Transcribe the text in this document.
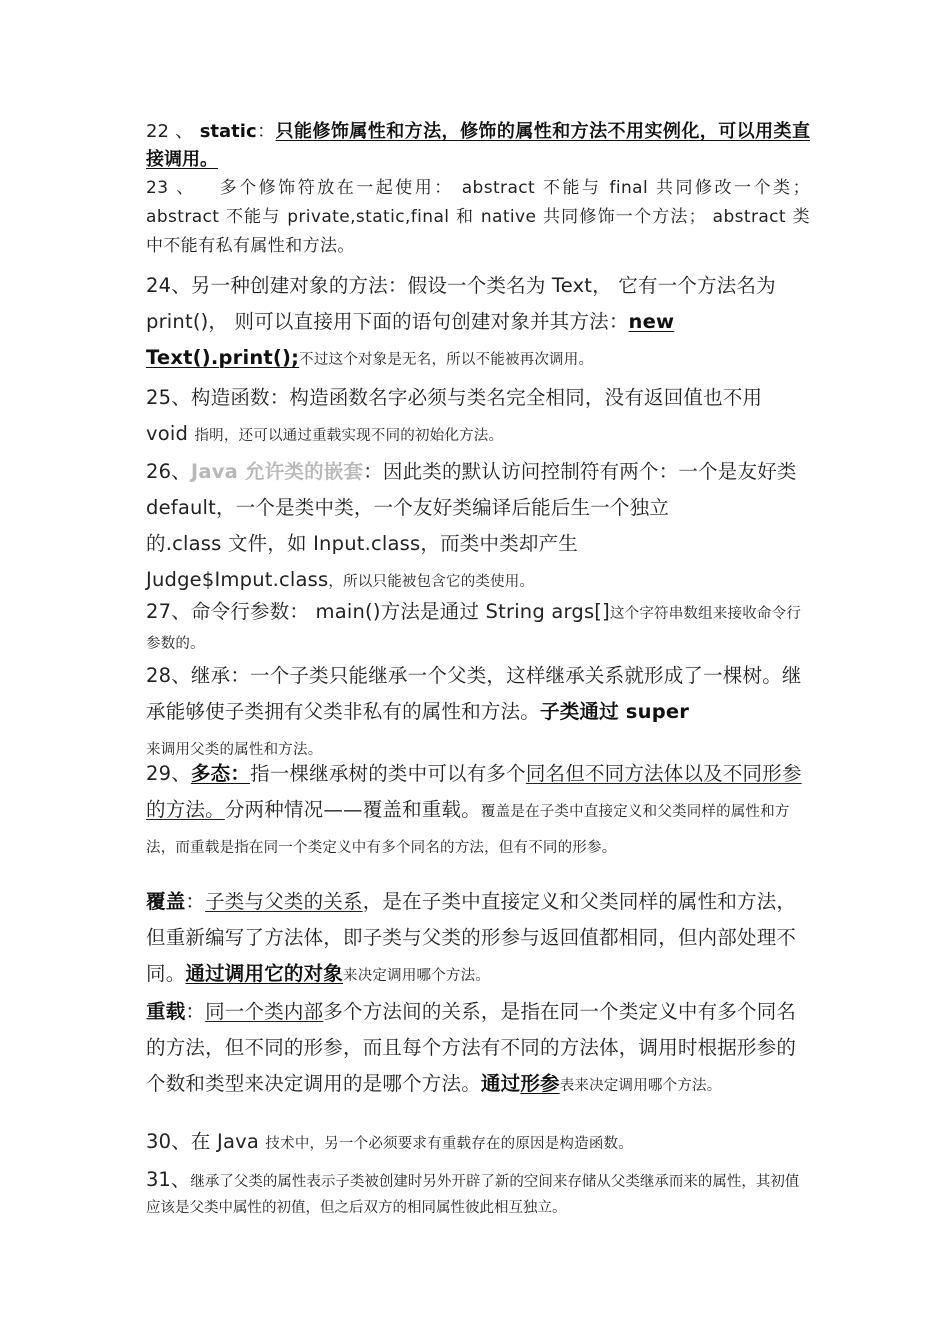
22 、 static：只能修饰属性和方法，修饰的属性和方法不用实例化，可以用类直接调用。

23 、 多个修饰符放在一起使用： abstract 不能与 final 共同修改一个类； abstract 不能与 private,static,final 和 native 共同修饰一个方法； abstract 类中不能有私有属性和方法。

24、另一种创建对象的方法：假设一个类名为 Text， 它有一个方法名为 print()， 则可以直接用下面的语句创建对象并其方法：new
Text().print();不过这个对象是无名，所以不能被再次调用。

25、构造函数：构造函数名字必须与类名完全相同，没有返回值也不用 void 指明，还可以通过重载实现不同的初始化方法。

26、Java 允许类的嵌套：因此类的默认访问控制符有两个：一个是友好类 default，一个是类中类，一个友好类编译后能后生一个独立
的.class 文件，如 Input.class，而类中类却产生
Judge$Imput.class，所以只能被包含它的类使用。

27、命令行参数： main()方法是通过 String args[]这个字符串数组来接收命令行参数的。

28、继承：一个子类只能继承一个父类，这样继承关系就形成了一棵树。继承能够使子类拥有父类非私有的属性和方法。子类通过 super
来调用父类的属性和方法。

29、多态：指一棵继承树的类中可以有多个同名但不同方法体以及不同形参的方法。分两种情况——覆盖和重载。覆盖是在子类中直接定义和父类同样的属性和方法，而重载是指在同一个类定义中有多个同名的方法，但有不同的形参。

覆盖：子类与父类的关系，是在子类中直接定义和父类同样的属性和方法，但重新编写了方法体，即子类与父类的形参与返回值都相同，但内部处理不同。通过调用它的对象来决定调用哪个方法。

重载：同一个类内部多个方法间的关系，是指在同一个类定义中有多个同名的方法，但不同的形参，而且每个方法有不同的方法体，调用时根据形参的个数和类型来决定调用的是哪个方法。通过形参表来决定调用哪个方法。

30、在 Java 技术中，另一个必须要求有重载存在的原因是构造函数。

31、继承了父类的属性表示子类被创建时另外开辟了新的空间来存储从父类继承而来的属性，其初值应该是父类中属性的初值，但之后双方的相同属性彼此相互独立。
